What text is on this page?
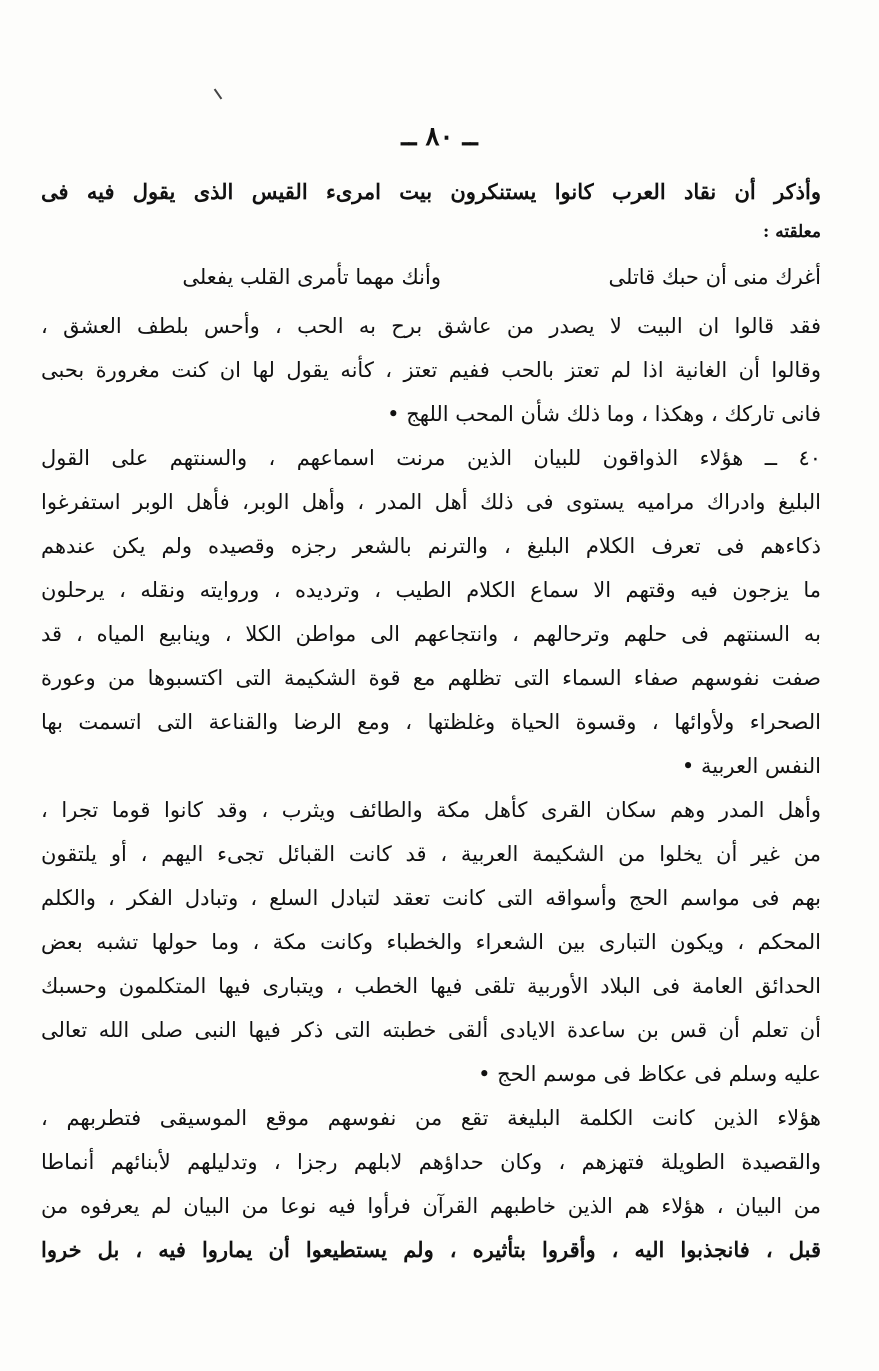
ــ ٨٠ ــ
وأذكر أن نقاد العرب كانوا يستنكرون بيت امرىء القيس الذى يقول فيه فى
معلقته :
أغرك منى أن حبك قاتلى
وأنك مهما تأمرى القلب يفعلى
فقد قالوا ان البيت لا يصدر من عاشق برح به الحب ، وأحس بلطف العشق ،
وقالوا أن الغانية اذا لم تعتز بالحب ففيم تعتز ، كأنه يقول لها ان كنت مغرورة بحبى
فانى تاركك ، وهكذا ، وما ذلك شأن المحب اللهج •
٤٠ ــ هؤلاء الذواقون للبيان الذين مرنت اسماعهم ، والسنتهم على القول
البليغ وادراك مراميه يستوى فى ذلك أهل المدر ، وأهل الوبر، فأهل الوبر استفرغوا
ذكاءهم فى تعرف الكلام البليغ ، والترنم بالشعر رجزه وقصيده ولم يكن عندهم
ما يزجون فيه وقتهم الا سماع الكلام الطيب ، وترديده ، وروايته ونقله ، يرحلون
به السنتهم فى حلهم وترحالهم ، وانتجاعهم الى مواطن الكلا ، وينابيع المياه ، قد
صفت نفوسهم صفاء السماء التى تظلهم مع قوة الشكيمة التى اكتسبوها من وعورة
الصحراء ولأوائها ، وقسوة الحياة وغلظتها ، ومع الرضا والقناعة التى اتسمت بها
النفس العربية •
وأهل المدر وهم سكان القرى كأهل مكة والطائف ويثرب ، وقد كانوا قوما تجرا ،
من غير أن يخلوا من الشكيمة العربية ، قد كانت القبائل تجىء اليهم ، أو يلتقون
بهم فى مواسم الحج وأسواقه التى كانت تعقد لتبادل السلع ، وتبادل الفكر ، والكلم
المحكم ، ويكون التبارى بين الشعراء والخطباء وكانت مكة ، وما حولها تشبه بعض
الحدائق العامة فى البلاد الأوربية تلقى فيها الخطب ، ويتبارى فيها المتكلمون وحسبك
أن تعلم أن قس بن ساعدة الايادى ألقى خطبته التى ذكر فيها النبى صلى الله تعالى
عليه وسلم فى عكاظ فى موسم الحج •
هؤلاء الذين كانت الكلمة البليغة تقع من نفوسهم موقع الموسيقى فتطربهم ،
والقصيدة الطويلة فتهزهم ، وكان حداؤهم لابلهم رجزا ، وتدليلهم لأبنائهم أنماطا
من البيان ، هؤلاء هم الذين خاطبهم القرآن فرأوا فيه نوعا من البيان لم يعرفوه من
قبل ، فانجذبوا اليه ، وأقروا بتأثيره ، ولم يستطيعوا أن يماروا فيه ، بل خروا
